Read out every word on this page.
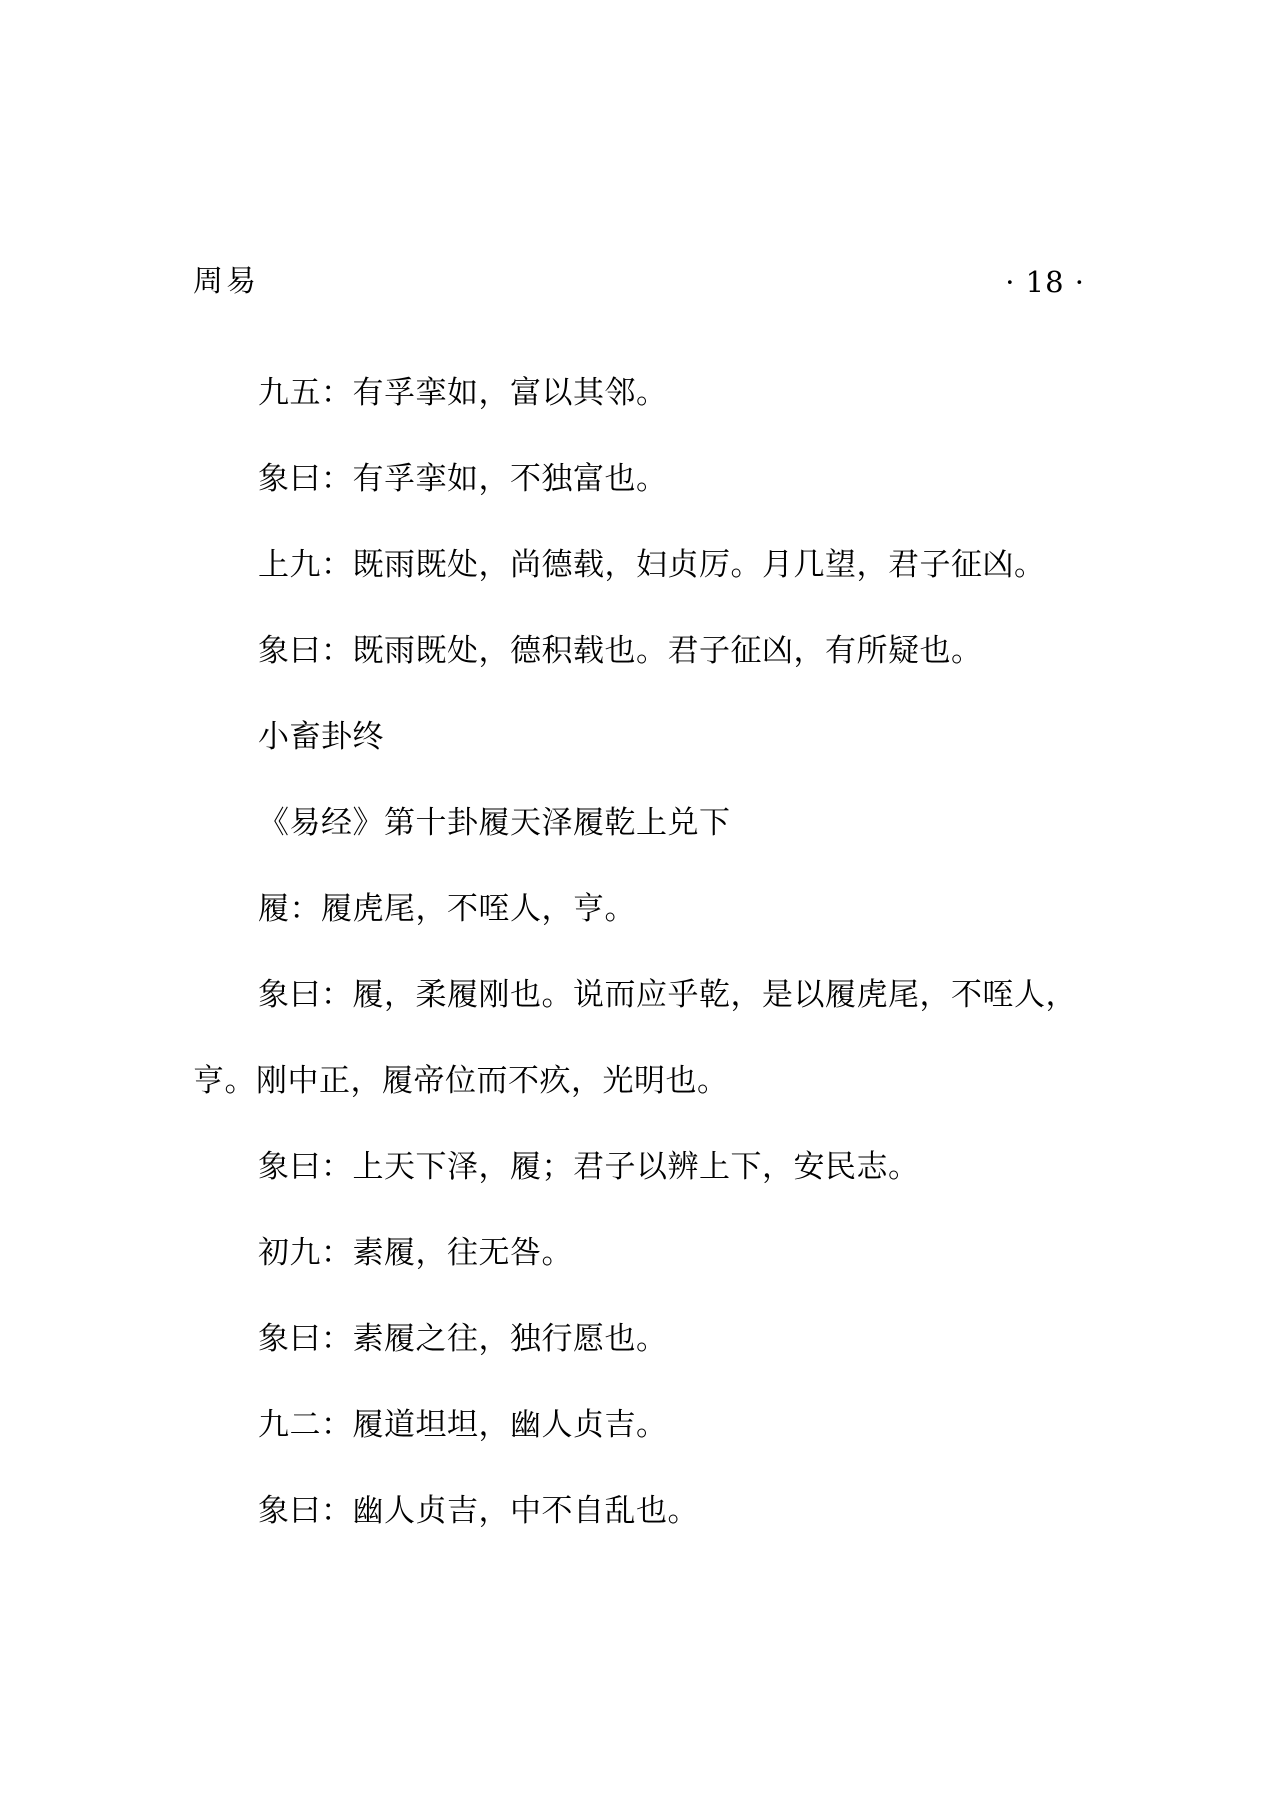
周易	· 18 ·
九五：有孚挛如，富以其邻。
象曰：有孚挛如，不独富也。
上九：既雨既处，尚德载，妇贞厉。月几望，君子征凶。
象曰：既雨既处，德积载也。君子征凶，有所疑也。
小畜卦终
《易经》第十卦履天泽履乾上兑下
履：履虎尾，不咥人，亨。
象曰：履，柔履刚也。说而应乎乾，是以履虎尾，不咥人，
亨。刚中正，履帝位而不疚，光明也。
象曰：上天下泽，履；君子以辨上下，安民志。
初九：素履，往无咎。
象曰：素履之往，独行愿也。
九二：履道坦坦，幽人贞吉。
象曰：幽人贞吉，中不自乱也。
